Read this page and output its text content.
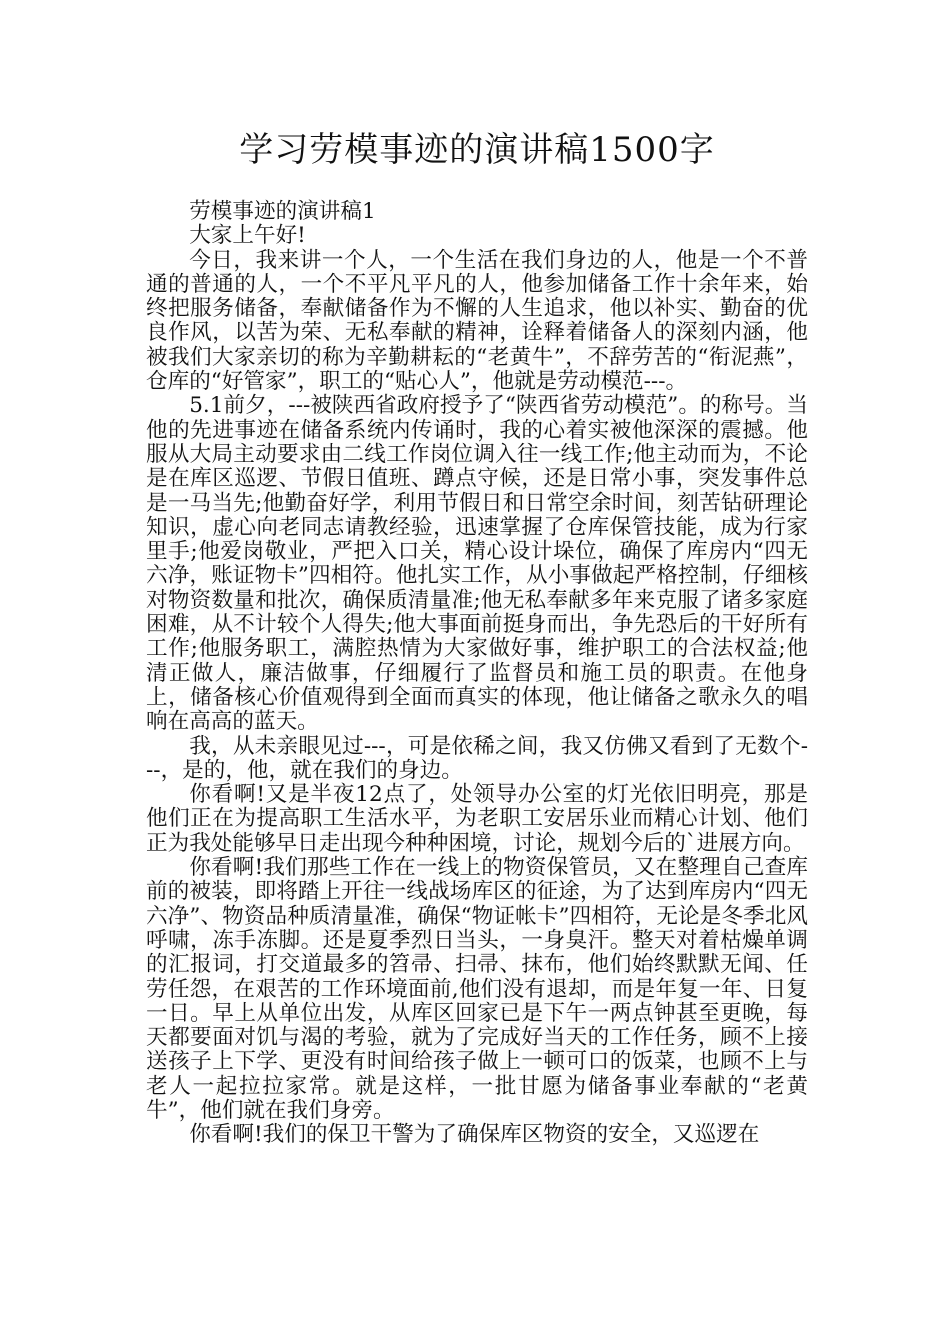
学习劳模事迹的演讲稿1500字

劳模事迹的演讲稿1

大家上午好!

今日，我来讲一个人，一个生活在我们身边的人，他是一个不普通的普通的人，一个不平凡平凡的人，他参加储备工作十余年来，始终把服务储备，奉献储备作为不懈的人生追求，他以补实、勤奋的优良作风，以苦为荣、无私奉献的精神，诠释着储备人的深刻内涵，他被我们大家亲切的称为辛勤耕耘的“老黄牛”，不辞劳苦的“衔泥燕”，仓库的“好管家”，职工的“贴心人”，他就是劳动模范---。

5.1前夕，---被陕西省政府授予了“陕西省劳动模范”。的称号。当他的先进事迹在储备系统内传诵时，我的心着实被他深深的震撼。他服从大局主动要求由二线工作岗位调入往一线工作;他主动而为，不论是在库区巡逻、节假日值班、蹲点守候，还是日常小事，突发事件总是一马当先;他勤奋好学，利用节假日和日常空余时间，刻苦钻研理论知识，虚心向老同志请教经验，迅速掌握了仓库保管技能，成为行家里手;他爱岗敬业，严把入口关，精心设计垛位，确保了库房内“四无六净，账证物卡”四相符。他扎实工作，从小事做起严格控制，仔细核对物资数量和批次，确保质清量准;他无私奉献多年来克服了诸多家庭困难，从不计较个人得失;他大事面前挺身而出，争先恐后的干好所有工作;他服务职工，满腔热情为大家做好事，维护职工的合法权益;他清正做人，廉洁做事，仔细履行了监督员和施工员的职责。在他身上，储备核心价值观得到全面而真实的体现，他让储备之歌永久的唱响在高高的蓝天。

我，从未亲眼见过---，可是依稀之间，我又仿佛又看到了无数个---，是的，他，就在我们的身边。

你看啊!又是半夜12点了，处领导办公室的灯光依旧明亮，那是他们正在为提高职工生活水平，为老职工安居乐业而精心计划、他们正为我处能够早日走出现今种种困境，讨论，规划今后的`进展方向。

你看啊!我们那些工作在一线上的物资保管员，又在整理自己查库前的被装，即将踏上开往一线战场库区的征途，为了达到库房内“四无六净”、物资品种质清量准，确保“物证帐卡”四相符，无论是冬季北风呼啸，冻手冻脚。还是夏季烈日当头，一身臭汗。整天对着枯燥单调的汇报词，打交道最多的笤帚、扫帚、抹布，他们始终默默无闻、任劳任怨，在艰苦的工作环境面前,他们没有退却，而是年复一年、日复一日。早上从单位出发，从库区回家已是下午一两点钟甚至更晚，每天都要面对饥与渴的考验，就为了完成好当天的工作任务，顾不上接送孩子上下学、更没有时间给孩子做上一顿可口的饭菜，也顾不上与老人一起拉拉家常。就是这样，一批甘愿为储备事业奉献的“老黄牛”，他们就在我们身旁。

你看啊!我们的保卫干警为了确保库区物资的安全，又巡逻在
